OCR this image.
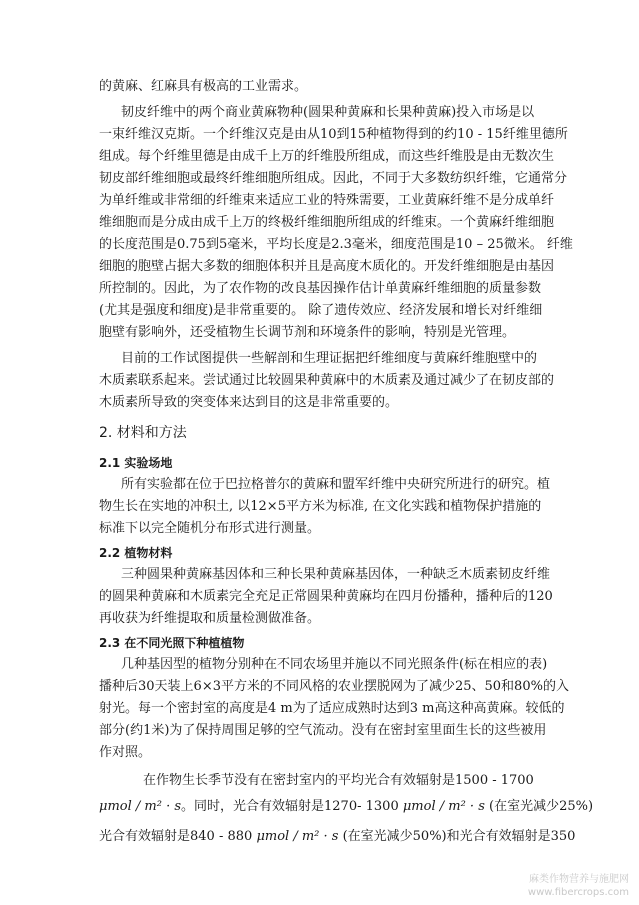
的黄麻、红麻具有极高的工业需求。
韧皮纤维中的两个商业黄麻物种(圆果种黄麻和长果种黄麻)投入市场是以
一束纤维汉克斯。一个纤维汉克是由从10到15种植物得到的约10 - 15纤维里德所
组成。每个纤维里德是由成千上万的纤维股所组成，而这些纤维股是由无数次生
韧皮部纤维细胞或最终纤维细胞所组成。因此，不同于大多数纺织纤维，它通常分
为单纤维或非常细的纤维束来适应工业的特殊需要，工业黄麻纤维不是分成单纤
维细胞而是分成由成千上万的终极纤维细胞所组成的纤维束。一个黄麻纤维细胞
的长度范围是0.75到5毫米，平均长度是2.3毫米，细度范围是10 – 25微米。 纤维
细胞的胞壁占据大多数的细胞体积并且是高度木质化的。开发纤维细胞是由基因
所控制的。因此，为了农作物的改良基因操作估计单黄麻纤维细胞的质量参数
(尤其是强度和细度)是非常重要的。 除了遗传效应、经济发展和增长对纤维细
胞壁有影响外，还受植物生长调节剂和环境条件的影响，特别是光管理。
目前的工作试图提供一些解剖和生理证据把纤维细度与黄麻纤维胞壁中的
木质素联系起来。尝试通过比较圆果种黄麻中的木质素及通过减少了在韧皮部的
木质素所导致的突变体来达到目的这是非常重要的。
2. 材料和方法
2.1 实验场地
所有实验都在位于巴拉格普尔的黄麻和盟军纤维中央研究所进行的研究。植
物生长在实地的冲积土, 以12×5平方米为标准, 在文化实践和植物保护措施的
标准下以完全随机分布形式进行测量。
2.2 植物材料
三种圆果种黄麻基因体和三种长果种黄麻基因体，一种缺乏木质素韧皮纤维
的圆果种黄麻和木质素完全充足正常圆果种黄麻均在四月份播种，播种后的120
再收获为纤维提取和质量检测做准备。
2.3 在不同光照下种植植物
几种基因型的植物分别种在不同农场里并施以不同光照条件(标在相应的表)
播种后30天装上6×3平方米的不同风格的农业摆脱网为了减少25、50和80%的入
射光。每一个密封室的高度是4 m为了适应成熟时达到3 m高这种高黄麻。较低的
部分(约1米)为了保持周围足够的空气流动。没有在密封室里面生长的这些被用
作对照。
在作物生长季节没有在密封室内的平均光合有效辐射是1500 - 1700
μmol / m² · s。同时，光合有效辐射是1270- 1300 μmol / m² · s (在室光减少25%)
光合有效辐射是840 - 880 μmol / m² · s (在室光减少50%)和光合有效辐射是350
麻类作物营养与施肥网
www.fibercrops.com
